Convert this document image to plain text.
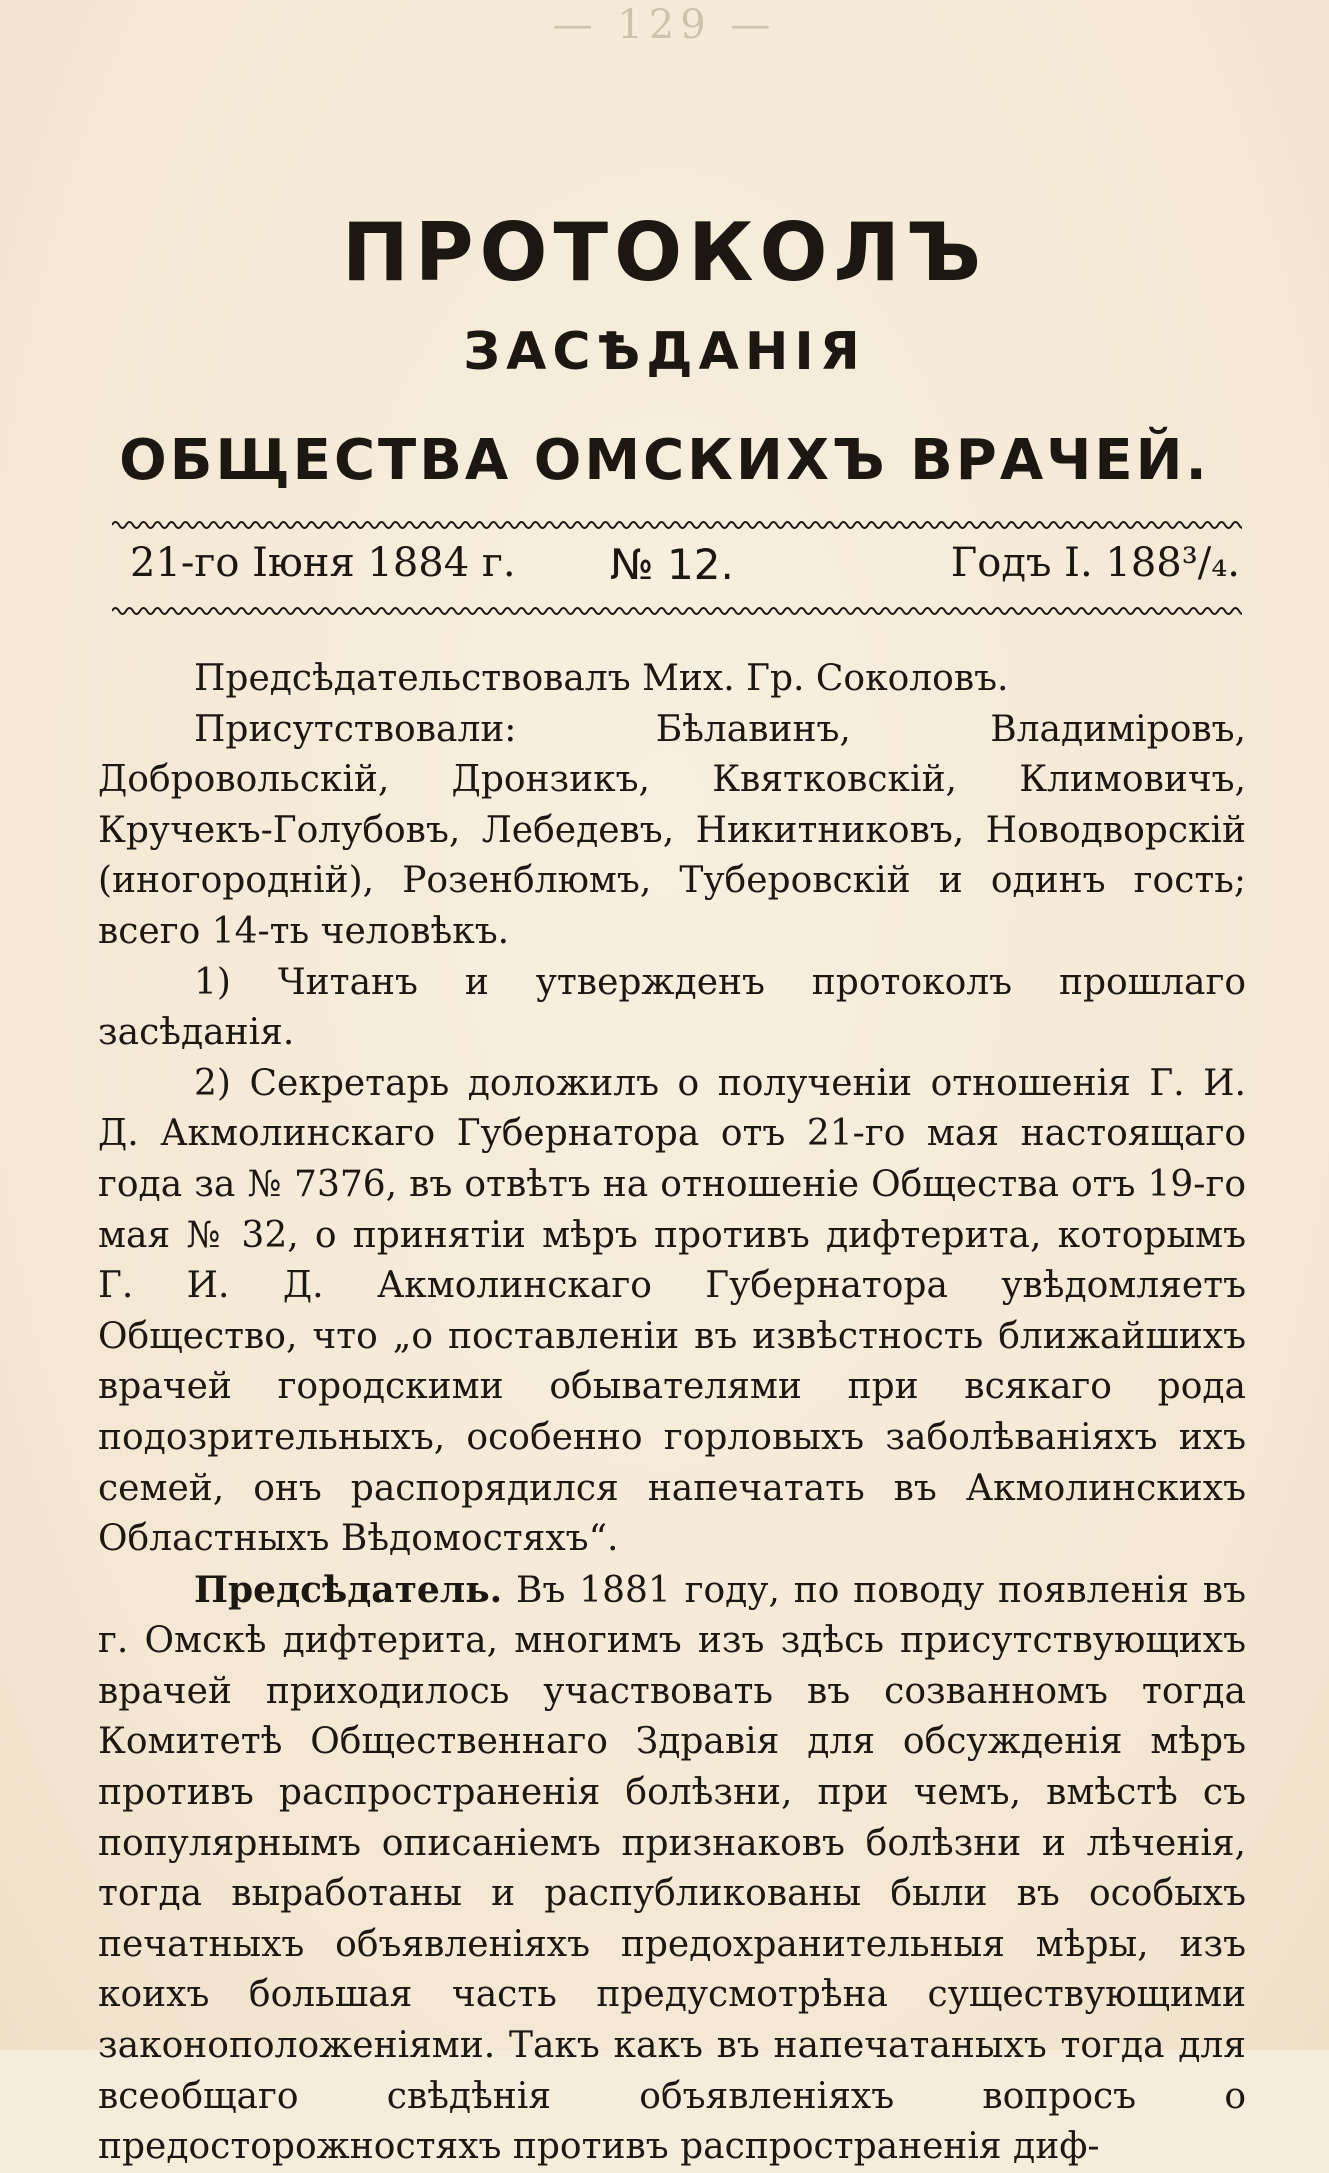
— 129 —
ПРОТОКОЛЪ
ЗАСѢДАНІЯ
ОБЩЕСТВА ОМСКИХЪ ВРАЧЕЙ.
21-го Іюня 1884 г. № 12.	Годъ I. 188³/₄.

Предсѣдательствовалъ Мих. Гр. Соколовъ.

Присутствовали: Бѣлавинъ, Владиміровъ, Добровольскій, Дронзикъ, Квятковскій, Климовичъ, Кручекъ-Голубовъ, Лебедевъ, Никитниковъ, Новодворскій (иногородній), Розенблюмъ, Туберовскій и одинъ гость; всего 14-ть человѣкъ.

1) Читанъ и утвержденъ протоколъ прошлаго засѣданія.

2) Секретарь доложилъ о полученіи отношенія Г. И. Д. Акмолинскаго Губернатора отъ 21-го мая настоящаго года за № 7376, въ отвѣтъ на отношеніе Общества отъ 19-го мая № 32, о принятіи мѣръ противъ дифтерита, которымъ Г. И. Д. Акмолинскаго Губернатора увѣдомляетъ Общество, что „о поставленіи въ извѣстность ближайшихъ врачей городскими обывателями при всякаго рода подозрительныхъ, особенно горловыхъ заболѣваніяхъ ихъ семей, онъ распорядился напечатать въ Акмолинскихъ Областныхъ Вѣдомостяхъ“.

Предсѣдатель. Въ 1881 году, по поводу появленія въ г. Омскѣ дифтерита, многимъ изъ здѣсь присутствующихъ врачей приходилось участвовать въ созванномъ тогда Комитетѣ Общественнаго Здравія для обсужденія мѣръ противъ распространенія болѣзни, при чемъ, вмѣстѣ съ популярнымъ описаніемъ признаковъ болѣзни и лѣченія, тогда выработаны и распубликованы были въ особыхъ печатныхъ объявленіяхъ предохранительныя мѣры, изъ коихъ большая часть предусмотрѣна существующими законоположеніями. Такъ какъ въ напечатаныхъ тогда для всеобщаго свѣдѣнія объявленіяхъ вопросъ о предосторожностяхъ противъ распространенія диф-
